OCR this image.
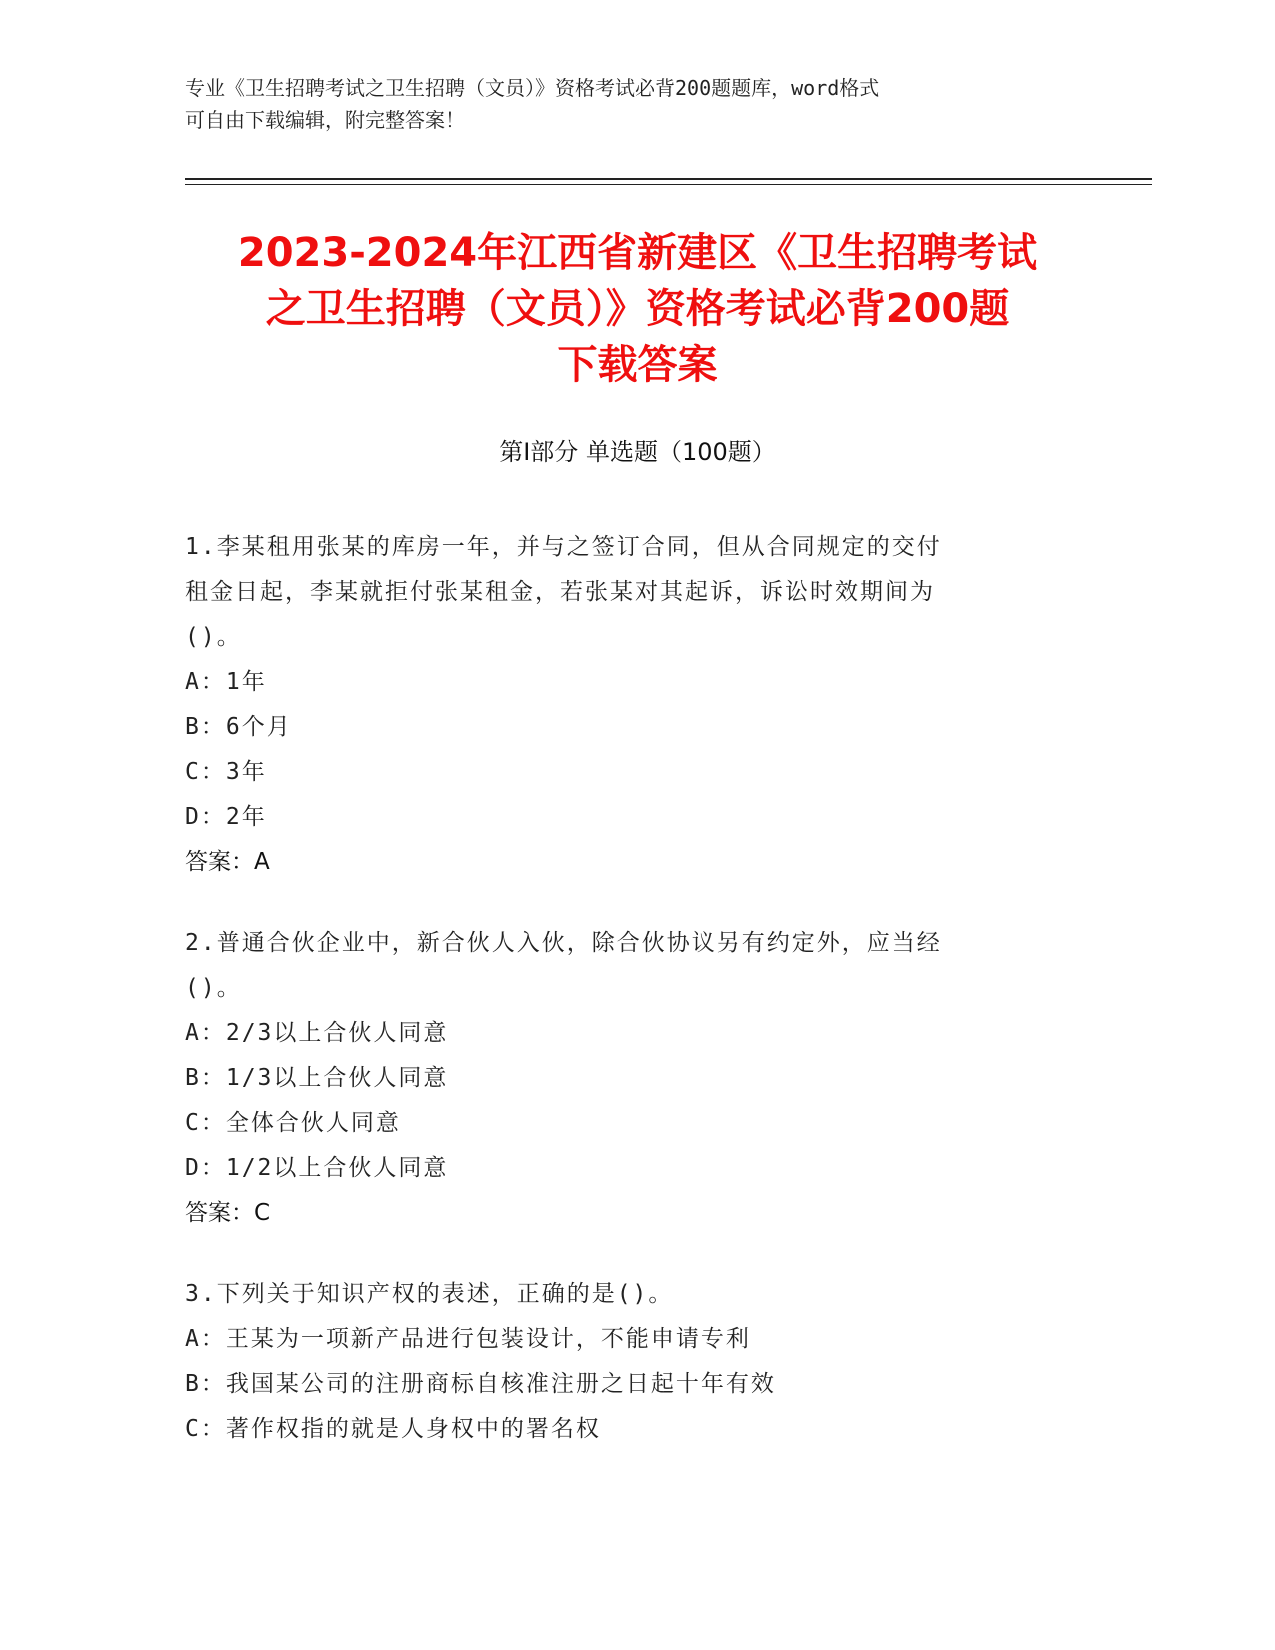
专业《卫生招聘考试之卫生招聘（文员）》资格考试必背200题题库，word格式
可自由下载编辑，附完整答案！
2023-2024年江西省新建区《卫生招聘考试
之卫生招聘（文员）》资格考试必背200题
下载答案
第Ⅰ部分 单选题（100题）

1.李某租用张某的库房一年，并与之签订合同，但从合同规定的交付

租金日起，李某就拒付张某租金，若张某对其起诉，诉讼时效期间为

()。

A：1年

B：6个月

C：3年

D：2年

答案：A

2.普通合伙企业中，新合伙人入伙，除合伙协议另有约定外，应当经

()。

A：2/3以上合伙人同意

B：1/3以上合伙人同意

C：全体合伙人同意

D：1/2以上合伙人同意

答案：C

3.下列关于知识产权的表述，正确的是()。

A：王某为一项新产品进行包装设计，不能申请专利

B：我国某公司的注册商标自核准注册之日起十年有效

C：著作权指的就是人身权中的署名权
